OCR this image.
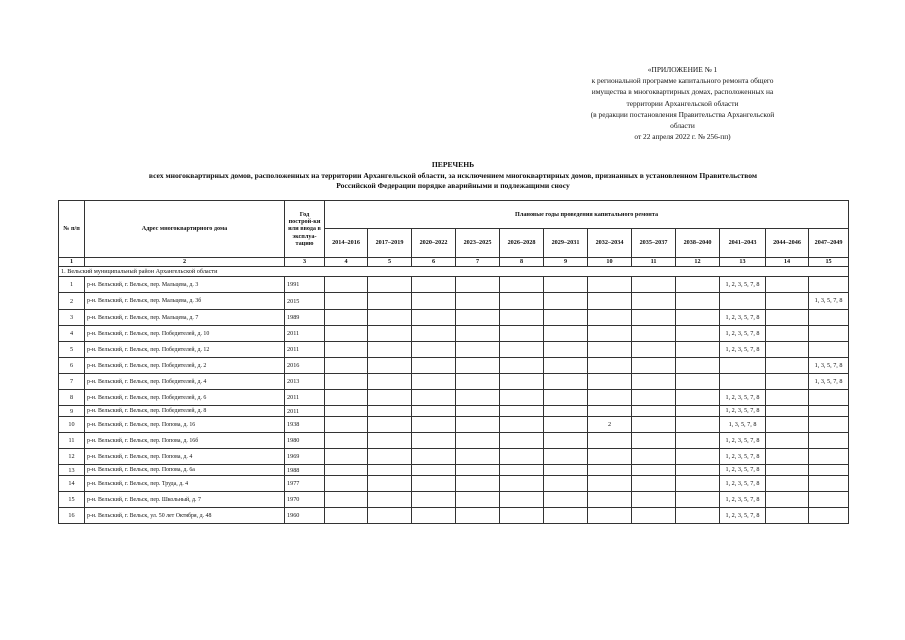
«ПРИЛОЖЕНИЕ № 1
к региональной программе капитального ремонта общего
имущества в многоквартирных домах, расположенных на
территории Архангельской области
(в редакции постановления Правительства Архангельской
области
от 22 апреля 2022 г. № 256-пп)
ПЕРЕЧЕНЬ
всех многоквартирных домов, расположенных на территории Архангельской области, за исключением многоквартирных домов, признанных в установленном Правительством
Российской Федерации порядке аварийными и подлежащими сносу
№ п/п	Адрес многоквартирного дома	Год построй-ки или ввода в эксплуа-тацию	Плановые годы проведения капитального ремонта											
			2014–2016	2017–2019	2020–2022	2023–2025	2026–2028	2029–2031	2032–2034	2035–2037	2038–2040	2041–2043	2044–2046	2047–2049
1	2	3	4	5	6	7	8	9	10	11	12	13	14	15
1. Вельский муниципальный район Архангельской области														
1	р-н. Вельский, г. Вельск, пер. Мальцева, д. 3	1991										1, 2, 3, 5, 7, 8		
2	р-н. Вельский, г. Вельск, пер. Мальцева, д. 3б	2015												1, 3, 5, 7, 8
3	р-н. Вельский, г. Вельск, пер. Мальцева, д. 7	1989										1, 2, 3, 5, 7, 8		
4	р-н. Вельский, г. Вельск, пер. Победителей, д. 10	2011										1, 2, 3, 5, 7, 8		
5	р-н. Вельский, г. Вельск, пер. Победителей, д. 12	2011										1, 2, 3, 5, 7, 8		
6	р-н. Вельский, г. Вельск, пер. Победителей, д. 2	2016												1, 3, 5, 7, 8
7	р-н. Вельский, г. Вельск, пер. Победителей, д. 4	2013												1, 3, 5, 7, 8
8	р-н. Вельский, г. Вельск, пер. Победителей, д. 6	2011										1, 2, 3, 5, 7, 8		
9	р-н. Вельский, г. Вельск, пер. Победителей, д. 8	2011										1, 2, 3, 5, 7, 8		
10	р-н. Вельский, г. Вельск, пер. Попова, д. 16	1938							2			1, 3, 5, 7, 8		
11	р-н. Вельский, г. Вельск, пер. Попова, д. 16б	1980										1, 2, 3, 5, 7, 8		
12	р-н. Вельский, г. Вельск, пер. Попова, д. 4	1969										1, 2, 3, 5, 7, 8		
13	р-н. Вельский, г. Вельск, пер. Попова, д. 6а	1988										1, 2, 3, 5, 7, 8		
14	р-н. Вельский, г. Вельск, пер. Труда, д. 4	1977										1, 2, 3, 5, 7, 8		
15	р-н. Вельский, г. Вельск, пер. Школьный, д. 7	1970										1, 2, 3, 5, 7, 8		
16	р-н. Вельский, г. Вельск, ул. 50 лет Октября, д. 48	1960										1, 2, 3, 5, 7, 8		
